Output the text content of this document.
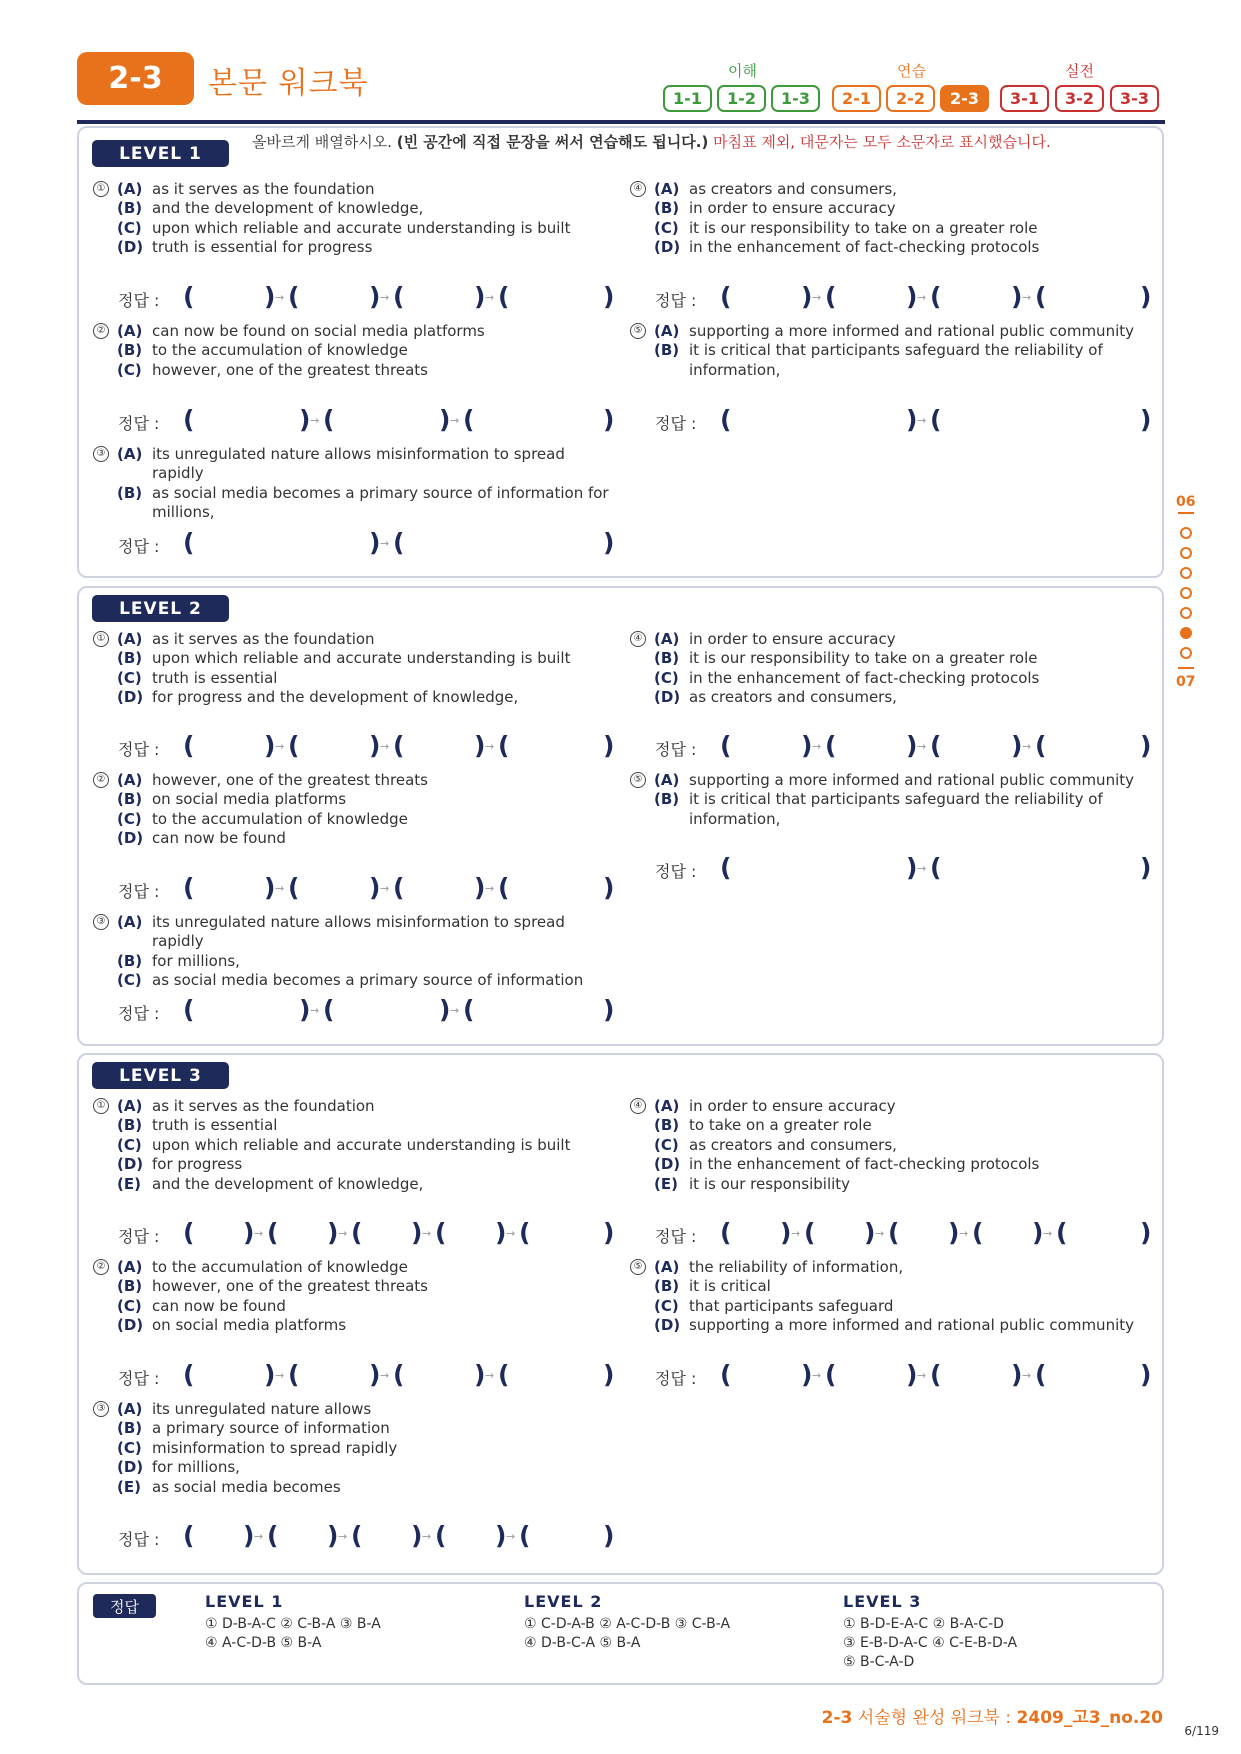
2-3	본문 워크북	이해	연습	실전
1-1	1-2	1-3	2-1	2-2	2-3	3-1	3-2	3-3
06
07
LEVEL 1
올바르게 배열하시오. (빈 공간에 직접 문장을 써서 연습해도 됩니다.) 마침표 제외, 대문자는 모두 소문자로 표시했습니다.
① (A) as it serves as the foundation
(B) and the development of knowledge,
(C) upon which reliable and accurate understanding is built
(D) truth is essential for progress
정답 : (	) → (	) → (	) → (	)
② (A) can now be found on social media platforms
(B) to the accumulation of knowledge
(C) however, one of the greatest threats
정답 : (	) → (	) → (	)
③ (A) its unregulated nature allows misinformation to spread rapidly
(B) as social media becomes a primary source of information for millions,
정답 : (	) → (	)
④ (A) as creators and consumers,
(B) in order to ensure accuracy
(C) it is our responsibility to take on a greater role
(D) in the enhancement of fact-checking protocols
정답 : (	) → (	) → (	) → (	)
⑤ (A) supporting a more informed and rational public community
(B) it is critical that participants safeguard the reliability of information,
정답 : (	) → (	)
LEVEL 2
① (A) as it serves as the foundation
(B) upon which reliable and accurate understanding is built
(C) truth is essential
(D) for progress and the development of knowledge,
정답 : (	) → (	) → (	) → (	)
② (A) however, one of the greatest threats
(B) on social media platforms
(C) to the accumulation of knowledge
(D) can now be found
정답 : (	) → (	) → (	) → (	)
③ (A) its unregulated nature allows misinformation to spread rapidly
(B) for millions,
(C) as social media becomes a primary source of information
정답 : (	) → (	) → (	)
④ (A) in order to ensure accuracy
(B) it is our responsibility to take on a greater role
(C) in the enhancement of fact-checking protocols
(D) as creators and consumers,
정답 : (	) → (	) → (	) → (	)
⑤ (A) supporting a more informed and rational public community
(B) it is critical that participants safeguard the reliability of information,
정답 : (	) → (	)
LEVEL 3
① (A) as it serves as the foundation
(B) truth is essential
(C) upon which reliable and accurate understanding is built
(D) for progress
(E) and the development of knowledge,
정답 : ( ) → ( ) → ( ) → ( ) → (	)
② (A) to the accumulation of knowledge
(B) however, one of the greatest threats
(C) can now be found
(D) on social media platforms
정답 : (	) → (	) → (	) → (	)
③ (A) its unregulated nature allows
(B) a primary source of information
(C) misinformation to spread rapidly
(D) for millions,
(E) as social media becomes
정답 : ( ) → ( ) → ( ) → ( ) → (	)
④ (A) in order to ensure accuracy
(B) to take on a greater role
(C) as creators and consumers,
(D) in the enhancement of fact-checking protocols
(E) it is our responsibility
정답 : ( ) → ( ) → ( ) → ( ) → (	)
⑤ (A) the reliability of information,
(B) it is critical
(C) that participants safeguard
(D) supporting a more informed and rational public community
정답 : (	) → (	) → (	) → (	)
정답	LEVEL 1
① D-B-A-C ② C-B-A ③ B-A
④ A-C-D-B ⑤ B-A
LEVEL 2
① C-D-A-B ② A-C-D-B ③ C-B-A
④ D-B-C-A ⑤ B-A
LEVEL 3
① B-D-E-A-C ② B-A-C-D
③ E-B-D-A-C ④ C-E-B-D-A
⑤ B-C-A-D
2-3 서술형 완성 워크북 : 2409_고3_no.20
6/119
